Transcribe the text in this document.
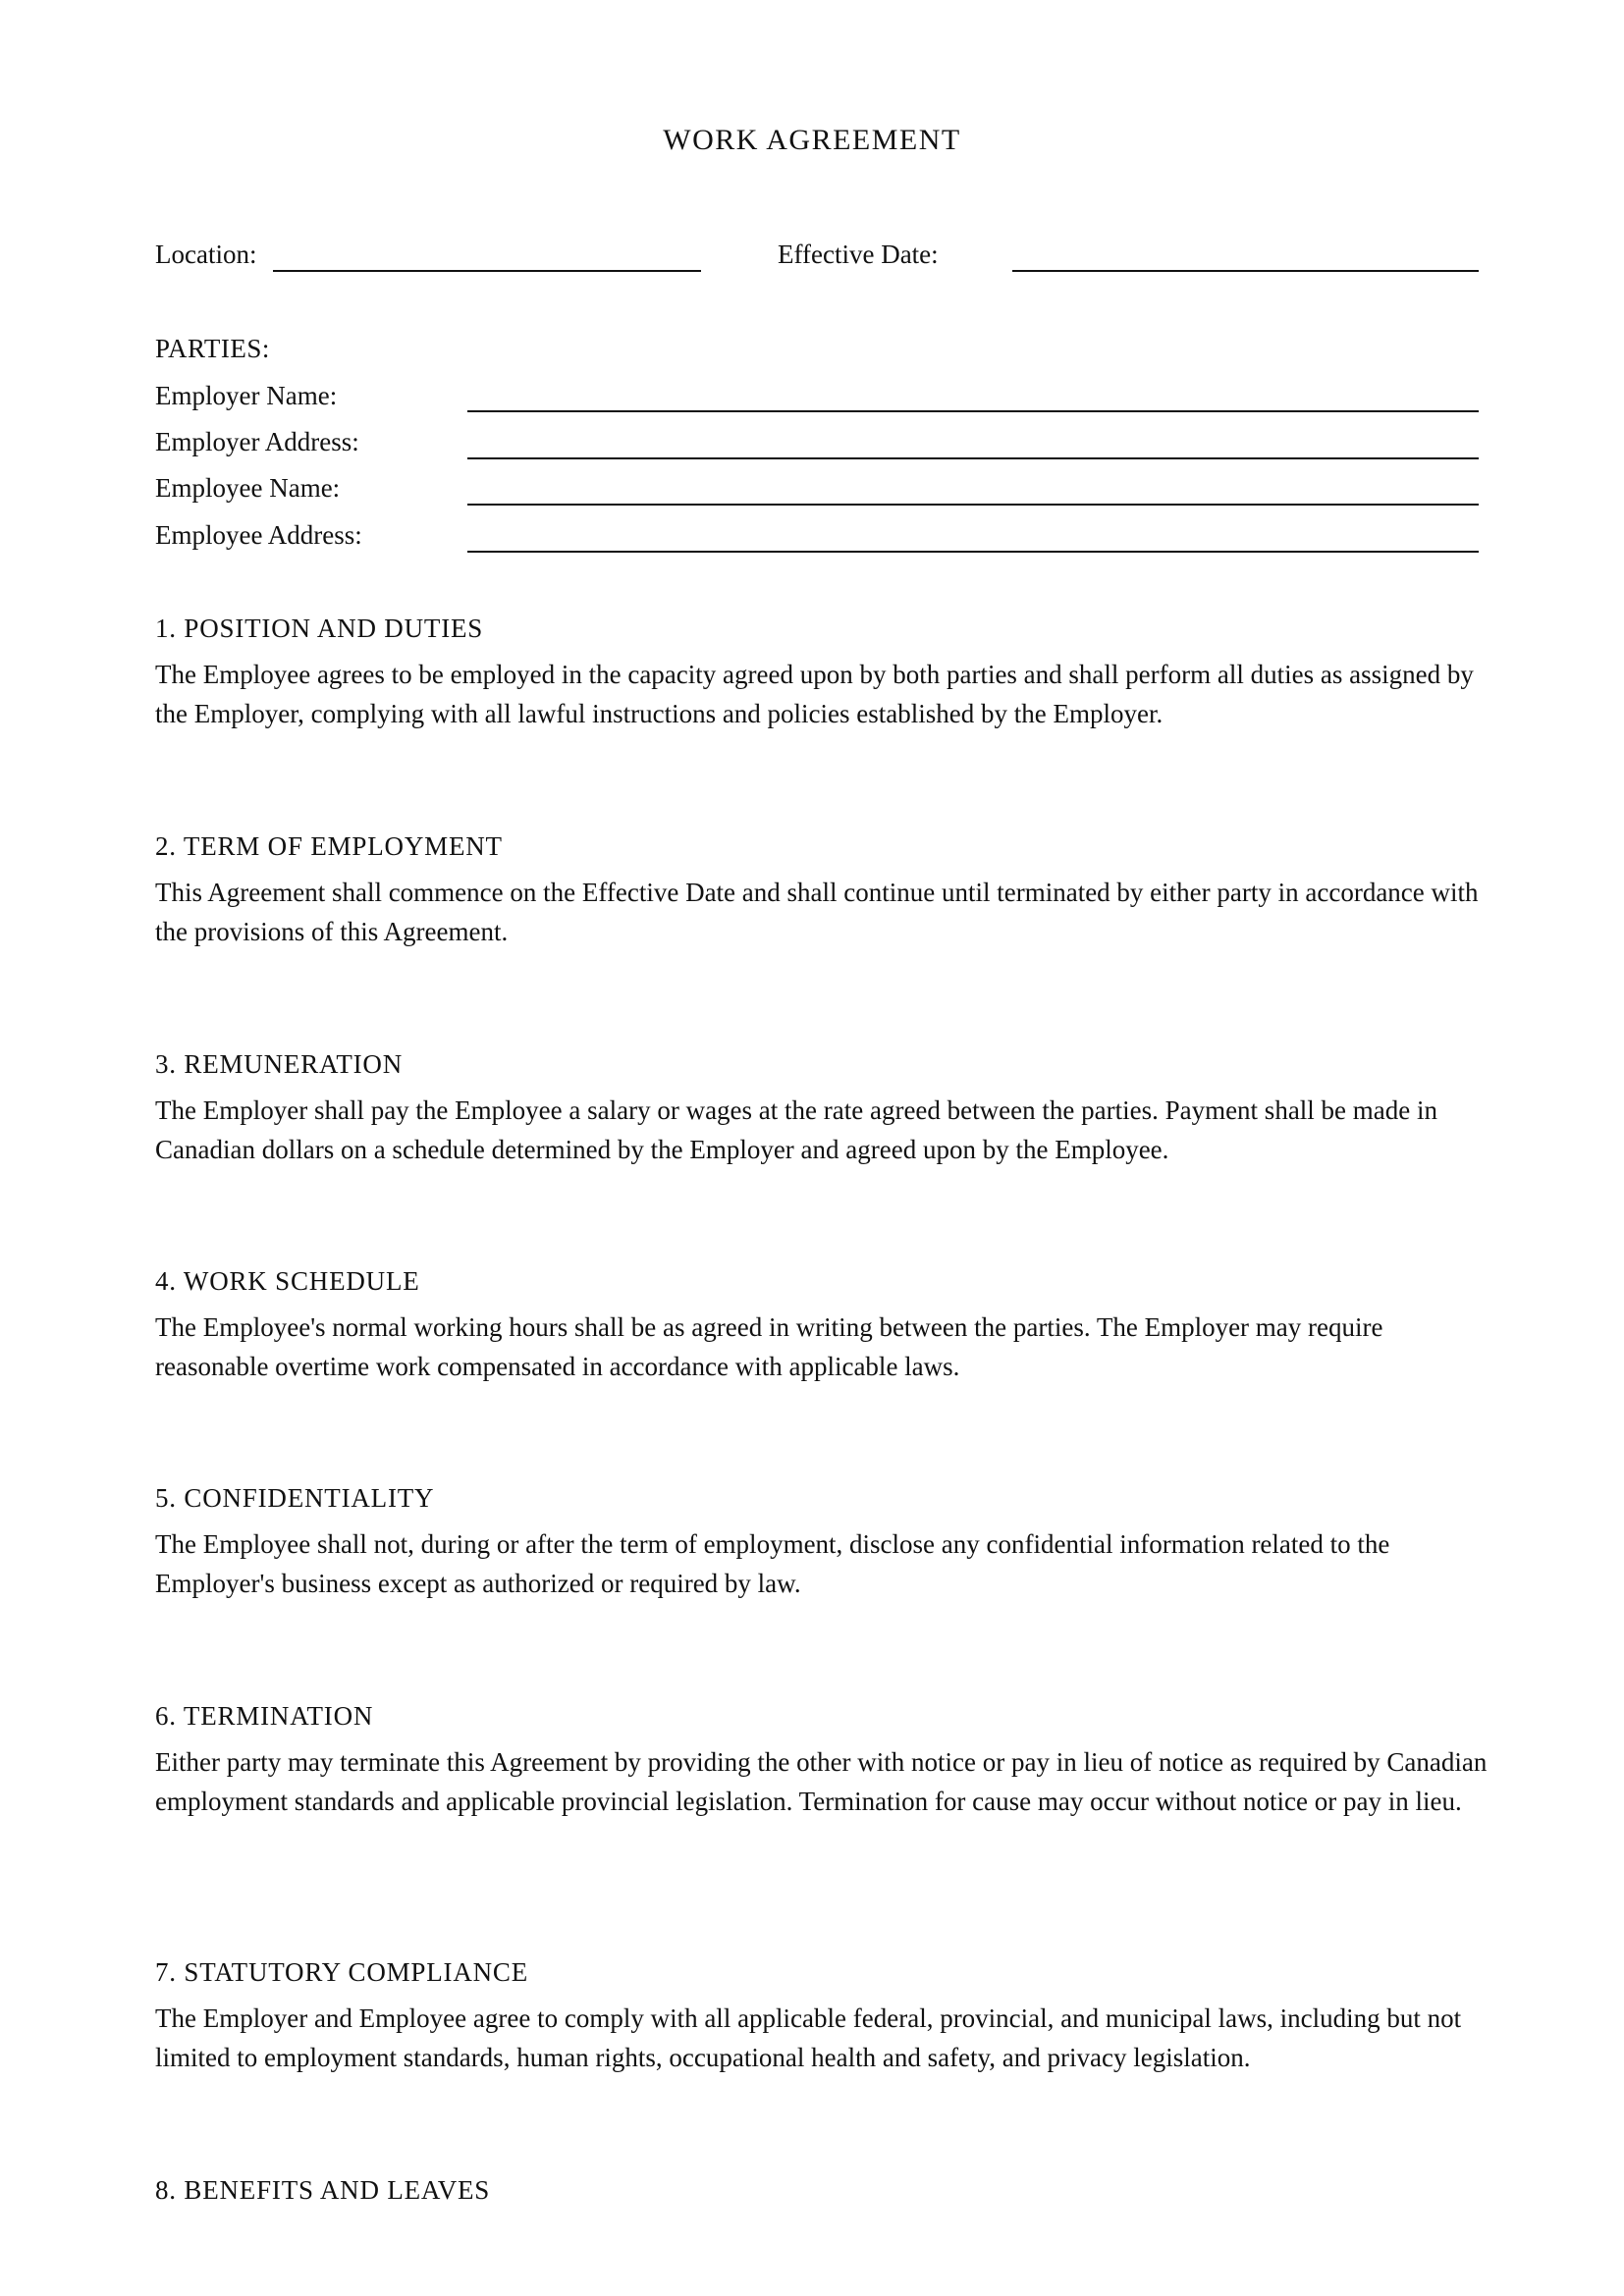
WORK AGREEMENT
Location:	Effective Date:
PARTIES:
Employer Name:
Employer Address:
Employee Name:
Employee Address:
1. POSITION AND DUTIES

The Employee agrees to be employed in the capacity agreed upon by both parties and shall perform all duties as assigned by the Employer, complying with all lawful instructions and policies established by the Employer.

2. TERM OF EMPLOYMENT

This Agreement shall commence on the Effective Date and shall continue until terminated by either party in accordance with the provisions of this Agreement.

3. REMUNERATION

The Employer shall pay the Employee a salary or wages at the rate agreed between the parties. Payment shall be made in Canadian dollars on a schedule determined by the Employer and agreed upon by the Employee.

4. WORK SCHEDULE

The Employee's normal working hours shall be as agreed in writing between the parties. The Employer may require reasonable overtime work compensated in accordance with applicable laws.

5. CONFIDENTIALITY

The Employee shall not, during or after the term of employment, disclose any confidential information related to the Employer's business except as authorized or required by law.

6. TERMINATION

Either party may terminate this Agreement by providing the other with notice or pay in lieu of notice as required by Canadian employment standards and applicable provincial legislation. Termination for cause may occur without notice or pay in lieu.

7. STATUTORY COMPLIANCE

The Employer and Employee agree to comply with all applicable federal, provincial, and municipal laws, including but not limited to employment standards, human rights, occupational health and safety, and privacy legislation.

8. BENEFITS AND LEAVES
